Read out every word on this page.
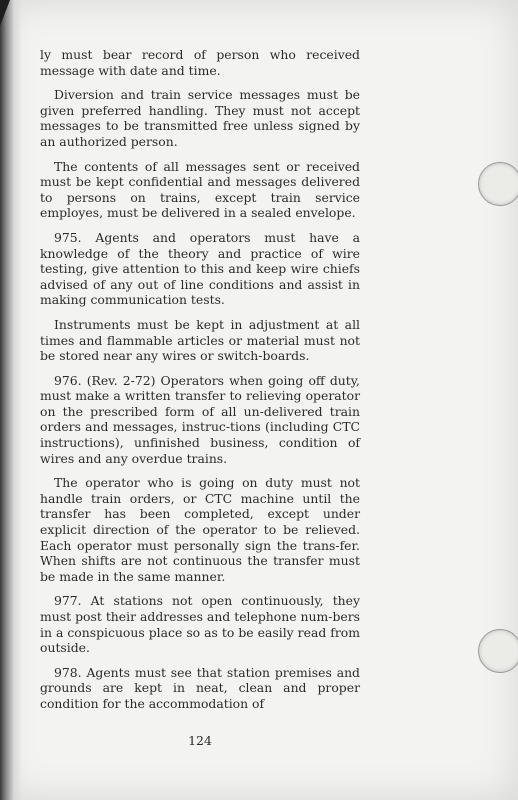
ly must bear record of person who received message with date and time.

Diversion and train service messages must be given preferred handling. They must not accept messages to be transmitted free unless signed by an authorized person.

The contents of all messages sent or received must be kept confidential and messages delivered to persons on trains, except train service employes, must be delivered in a sealed envelope.

975. Agents and operators must have a knowledge of the theory and practice of wire testing, give attention to this and keep wire chiefs advised of any out of line conditions and assist in making communication tests.

Instruments must be kept in adjustment at all times and flammable articles or material must not be stored near any wires or switch-boards.

976. (Rev. 2-72) Operators when going off duty, must make a written transfer to relieving operator on the prescribed form of all un-delivered train orders and messages, instruc-tions (including CTC instructions), unfinished business, condition of wires and any overdue trains.

The operator who is going on duty must not handle train orders, or CTC machine until the transfer has been completed, except under explicit direction of the operator to be relieved. Each operator must personally sign the trans-fer. When shifts are not continuous the transfer must be made in the same manner.

977. At stations not open continuously, they must post their addresses and telephone num-bers in a conspicuous place so as to be easily read from outside.

978. Agents must see that station premises and grounds are kept in neat, clean and proper condition for the accommodation of

124
